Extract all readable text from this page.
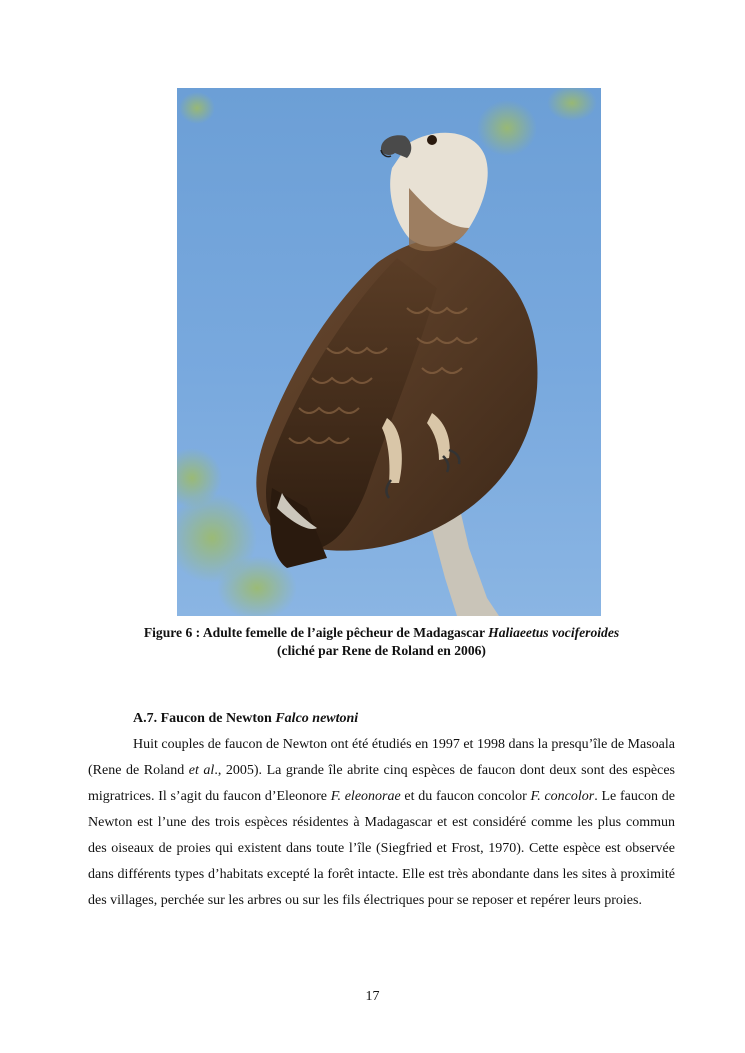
Figure 6 : Adulte femelle de l’aigle pêcheur de Madagascar Haliaeetus vociferoides
(cliché par Rene de Roland en 2006)
A.7. Faucon de Newton Falco newtoni

Huit couples de faucon de Newton ont été étudiés en 1997 et 1998 dans la presqu’île de Masoala (Rene de Roland et al., 2005). La grande île abrite cinq espèces de faucon dont deux sont des espèces migratrices. Il s’agit du faucon d’Eleonore F. eleonorae et du faucon concolor F. concolor. Le faucon de Newton est l’une des trois espèces résidentes à Madagascar et est considéré comme les plus commun des oiseaux de proies qui existent dans toute l’île (Siegfried et Frost, 1970). Cette espèce est observée dans différents types d’habitats excepté la forêt intacte. Elle est très abondante dans les sites à proximité des villages, perchée sur les arbres ou sur les fils électriques pour se reposer et repérer leurs proies.

17
